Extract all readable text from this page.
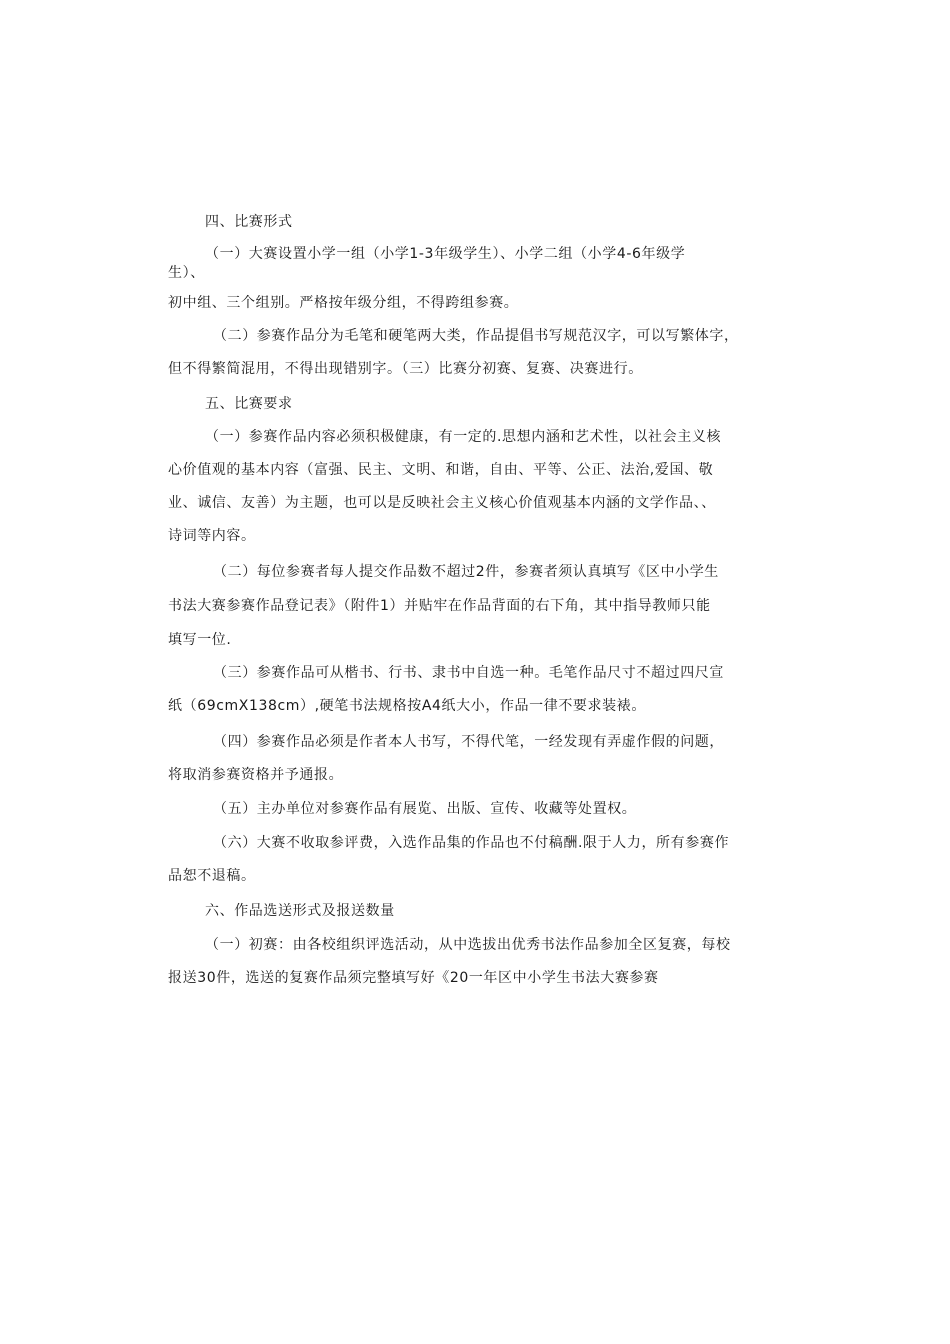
四、比赛形式
（一）大赛设置小学一组（小学1-3年级学生）、小学二组（小学4-6年级学
生）、
初中组、三个组别。严格按年级分组，不得跨组参赛。
（二）参赛作品分为毛笔和硬笔两大类，作品提倡书写规范汉字，可以写繁体字，
但不得繁简混用，不得出现错别字。（三）比赛分初赛、复赛、决赛进行。
五、比赛要求
（一）参赛作品内容必须积极健康，有一定的.思想内涵和艺术性，以社会主义核
心价值观的基本内容（富强、民主、文明、和谐，自由、平等、公正、法治,爱国、敬
业、诚信、友善）为主题，也可以是反映社会主义核心价值观基本内涵的文学作品、、
诗词等内容。
（二）每位参赛者每人提交作品数不超过2件，参赛者须认真填写《区中小学生
书法大赛参赛作品登记表》（附件1）并贴牢在作品背面的右下角，其中指导教师只能
填写一位.
（三）参赛作品可从楷书、行书、隶书中自选一种。毛笔作品尺寸不超过四尺宣
纸（69cmX138cm）,硬笔书法规格按A4纸大小，作品一律不要求装裱。
（四）参赛作品必须是作者本人书写，不得代笔，一经发现有弄虚作假的问题，
将取消参赛资格并予通报。
（五）主办单位对参赛作品有展览、出版、宣传、收藏等处置权。
（六）大赛不收取参评费，入选作品集的作品也不付稿酬.限于人力，所有参赛作
品恕不退稿。
六、作品选送形式及报送数量
（一）初赛：由各校组织评选活动，从中选拔出优秀书法作品参加全区复赛，每校
报送30件，选送的复赛作品须完整填写好《20一年区中小学生书法大赛参赛
